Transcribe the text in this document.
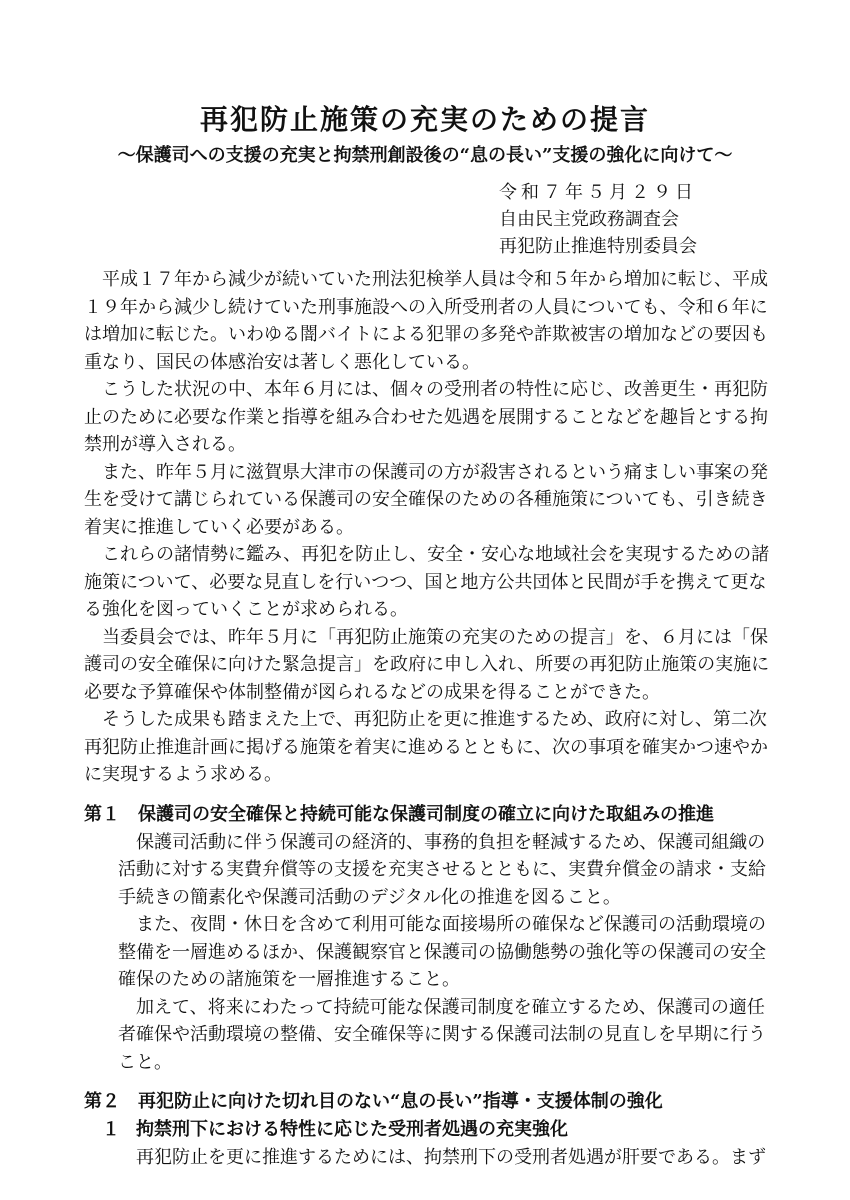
再犯防止施策の充実のための提言
～保護司への支援の充実と拘禁刑創設後の“息の長い”支援の強化に向けて～
令和７年５月２９日
自由民主党政務調査会
再犯防止推進特別委員会
　平成１７年から減少が続いていた刑法犯検挙人員は令和５年から増加に転じ、平成
１９年から減少し続けていた刑事施設への入所受刑者の人員についても、令和６年に
は増加に転じた。いわゆる闇バイトによる犯罪の多発や詐欺被害の増加などの要因も
重なり、国民の体感治安は著しく悪化している。
　こうした状況の中、本年６月には、個々の受刑者の特性に応じ、改善更生・再犯防
止のために必要な作業と指導を組み合わせた処遇を展開することなどを趣旨とする拘
禁刑が導入される。
　また、昨年５月に滋賀県大津市の保護司の方が殺害されるという痛ましい事案の発
生を受けて講じられている保護司の安全確保のための各種施策についても、引き続き
着実に推進していく必要がある。
　これらの諸情勢に鑑み、再犯を防止し、安全・安心な地域社会を実現するための諸
施策について、必要な見直しを行いつつ、国と地方公共団体と民間が手を携えて更な
る強化を図っていくことが求められる。
　当委員会では、昨年５月に「再犯防止施策の充実のための提言」を、６月には「保
護司の安全確保に向けた緊急提言」を政府に申し入れ、所要の再犯防止施策の実施に
必要な予算確保や体制整備が図られるなどの成果を得ることができた。
　そうした成果も踏まえた上で、再犯防止を更に推進するため、政府に対し、第二次
再犯防止推進計画に掲げる施策を着実に進めるとともに、次の事項を確実かつ速やか
に実現するよう求める。
第１ 保護司の安全確保と持続可能な保護司制度の確立に向けた取組みの推進
　保護司活動に伴う保護司の経済的、事務的負担を軽減するため、保護司組織の
活動に対する実費弁償等の支援を充実させるとともに、実費弁償金の請求・支給
手続きの簡素化や保護司活動のデジタル化の推進を図ること。
　また、夜間・休日を含めて利用可能な面接場所の確保など保護司の活動環境の
整備を一層進めるほか、保護観察官と保護司の協働態勢の強化等の保護司の安全
確保のための諸施策を一層推進すること。
　加えて、将来にわたって持続可能な保護司制度を確立するため、保護司の適任
者確保や活動環境の整備、安全確保等に関する保護司法制の見直しを早期に行う
こと。
第２ 再犯防止に向けた切れ目のない“息の長い”指導・支援体制の強化
１ 拘禁刑下における特性に応じた受刑者処遇の充実強化
　再犯防止を更に推進するためには、拘禁刑下の受刑者処遇が肝要である。まず
